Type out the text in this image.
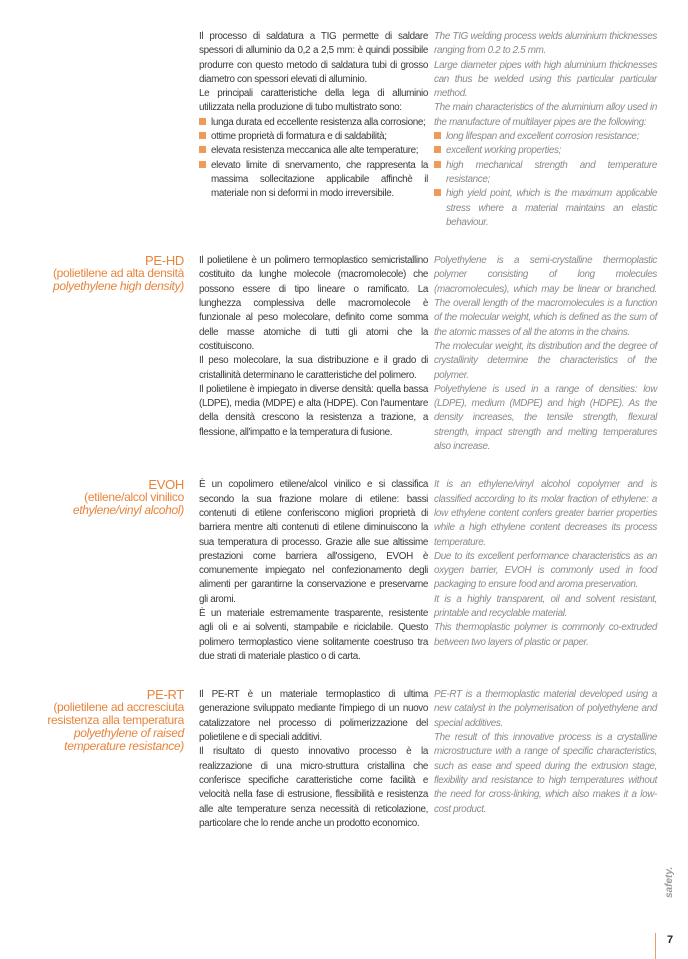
Il processo di saldatura a TIG permette di saldare spessori di alluminio da 0,2 a 2,5 mm: è quindi possibile produrre con questo metodo di saldatura tubi di grosso diametro con spessori elevati di alluminio.

Le principali caratteristiche della lega di alluminio utilizzata nella produzione di tubo multistrato sono:

lunga durata ed eccellente resistenza alla corrosione;
ottime proprietà di formatura e di saldabilità;
elevata resistenza meccanica alle alte temperature;
elevato limite di snervamento, che rappresenta la massima sollecitazione applicabile affinchè il materiale non si deformi in modo irreversibile.

The TIG welding process welds aluminium thicknesses ranging from 0.2 to 2.5 mm.

Large diameter pipes with high aluminium thicknesses can thus be welded using this particular particular method.

The main characteristics of the aluminium alloy used in the manufacture of multilayer pipes are the following:

long lifespan and excellent corrosion resistance;
excellent working properties;
high mechanical strength and temperature resistance;
high yield point, which is the maximum applicable stress where a material maintains an elastic behaviour.
PE-HD
(polietilene ad alta densità
polyethylene high density)

Il polietilene è un polimero termoplastico semicristallino costituito da lunghe molecole (macromolecole) che possono essere di tipo lineare o ramificato. La lunghezza complessiva delle macromolecole è funzionale al peso molecolare, definito come somma delle masse atomiche di tutti gli atomi che la costituiscono.

Il peso molecolare, la sua distribuzione e il grado di cristallinità determinano le caratteristiche del polimero.

Il polietilene è impiegato in diverse densità: quella bassa (LDPE), media (MDPE) e alta (HDPE). Con l'aumentare della densità crescono la resistenza a trazione, a flessione, all'impatto e la temperatura di fusione.

Polyethylene is a semi-crystalline thermoplastic polymer consisting of long molecules (macromolecules), which may be linear or branched. The overall length of the macromolecules is a function of the molecular weight, which is defined as the sum of the atomic masses of all the atoms in the chains.

The molecular weight, its distribution and the degree of crystallinity determine the characteristics of the polymer.

Polyethylene is used in a range of densities: low (LDPE), medium (MDPE) and high (HDPE). As the density increases, the tensile strength, flexural strength, impact strength and melting temperatures also increase.

EVOH
(etilene/alcol vinilico
ethylene/vinyl alcohol)

È un copolimero etilene/alcol vinilico e si classifica secondo la sua frazione molare di etilene: bassi contenuti di etilene conferiscono migliori proprietà di barriera mentre alti contenuti di etilene diminuiscono la sua temperatura di processo. Grazie alle sue altissime prestazioni come barriera all'ossigeno, EVOH è comunemente impiegato nel confezionamento degli alimenti per garantirne la conservazione e preservarne gli aromi.

È un materiale estremamente trasparente, resistente agli oli e ai solventi, stampabile e riciclabile. Questo polimero termoplastico viene solitamente coestruso tra due strati di materiale plastico o di carta.

It is an ethylene/vinyl alcohol copolymer and is classified according to its molar fraction of ethylene: a low ethylene content confers greater barrier properties while a high ethylene content decreases its process temperature.

Due to its excellent performance characteristics as an oxygen barrier, EVOH is commonly used in food packaging to ensure food and aroma preservation.

It is a highly transparent, oil and solvent resistant, printable and recyclable material.

This thermoplastic polymer is commonly co-extruded between two layers of plastic or paper.

PE-RT
(polietilene ad accresciuta resistenza alla temperatura
polyethylene of raised temperature resistance)

Il PE-RT è un materiale termoplastico di ultima generazione sviluppato mediante l'impiego di un nuovo catalizzatore nel processo di polimerizzazione del polietilene e di speciali additivi.

Il risultato di questo innovativo processo è la realizzazione di una micro-struttura cristallina che conferisce specifiche caratteristiche come facilità e velocità nella fase di estrusione, flessibilità e resistenza alle alte temperature senza necessità di reticolazione, particolare che lo rende anche un prodotto economico.

PE-RT is a thermoplastic material developed using a new catalyst in the polymerisation of polyethylene and special additives.

The result of this innovative process is a crystalline microstructure with a range of specific characteristics, such as ease and speed during the extrusion stage, flexibility and resistance to high temperatures without the need for cross-linking, which also makes it a low-cost product.

safety.
7
